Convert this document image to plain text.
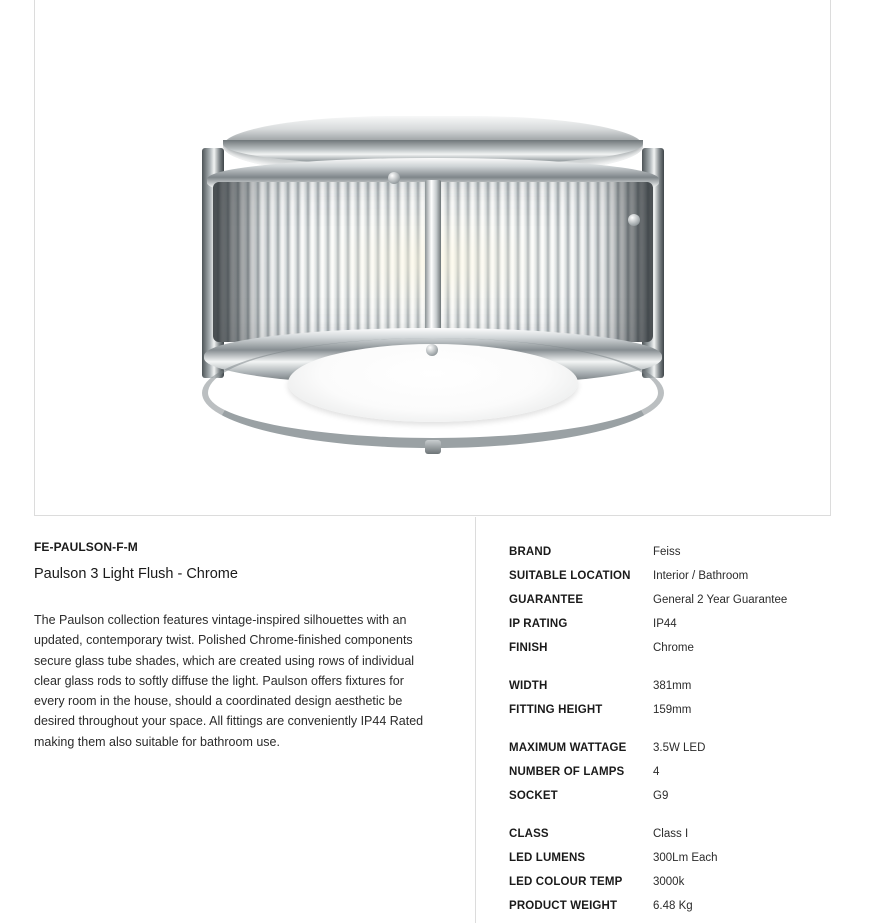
FE-PAULSON-F-M

Paulson 3 Light Flush - Chrome

The Paulson collection features vintage-inspired silhouettes with an updated, contemporary twist. Polished Chrome-finished components secure glass tube shades, which are created using rows of individual clear glass rods to softly diffuse the light. Paulson offers fixtures for every room in the house, should a coordinated design aesthetic be desired throughout your space. All fittings are conveniently IP44 Rated making them also suitable for bathroom use.

BRAND	Feiss
SUITABLE LOCATION	Interior / Bathroom
GUARANTEE	General 2 Year Guarantee
IP RATING	IP44
FINISH	Chrome

WIDTH	381mm
FITTING HEIGHT	159mm

MAXIMUM WATTAGE	3.5W LED
NUMBER OF LAMPS	4
SOCKET	G9

CLASS	Class I
LED LUMENS	300Lm Each
LED COLOUR TEMP	3000k
PRODUCT WEIGHT	6.48 Kg
